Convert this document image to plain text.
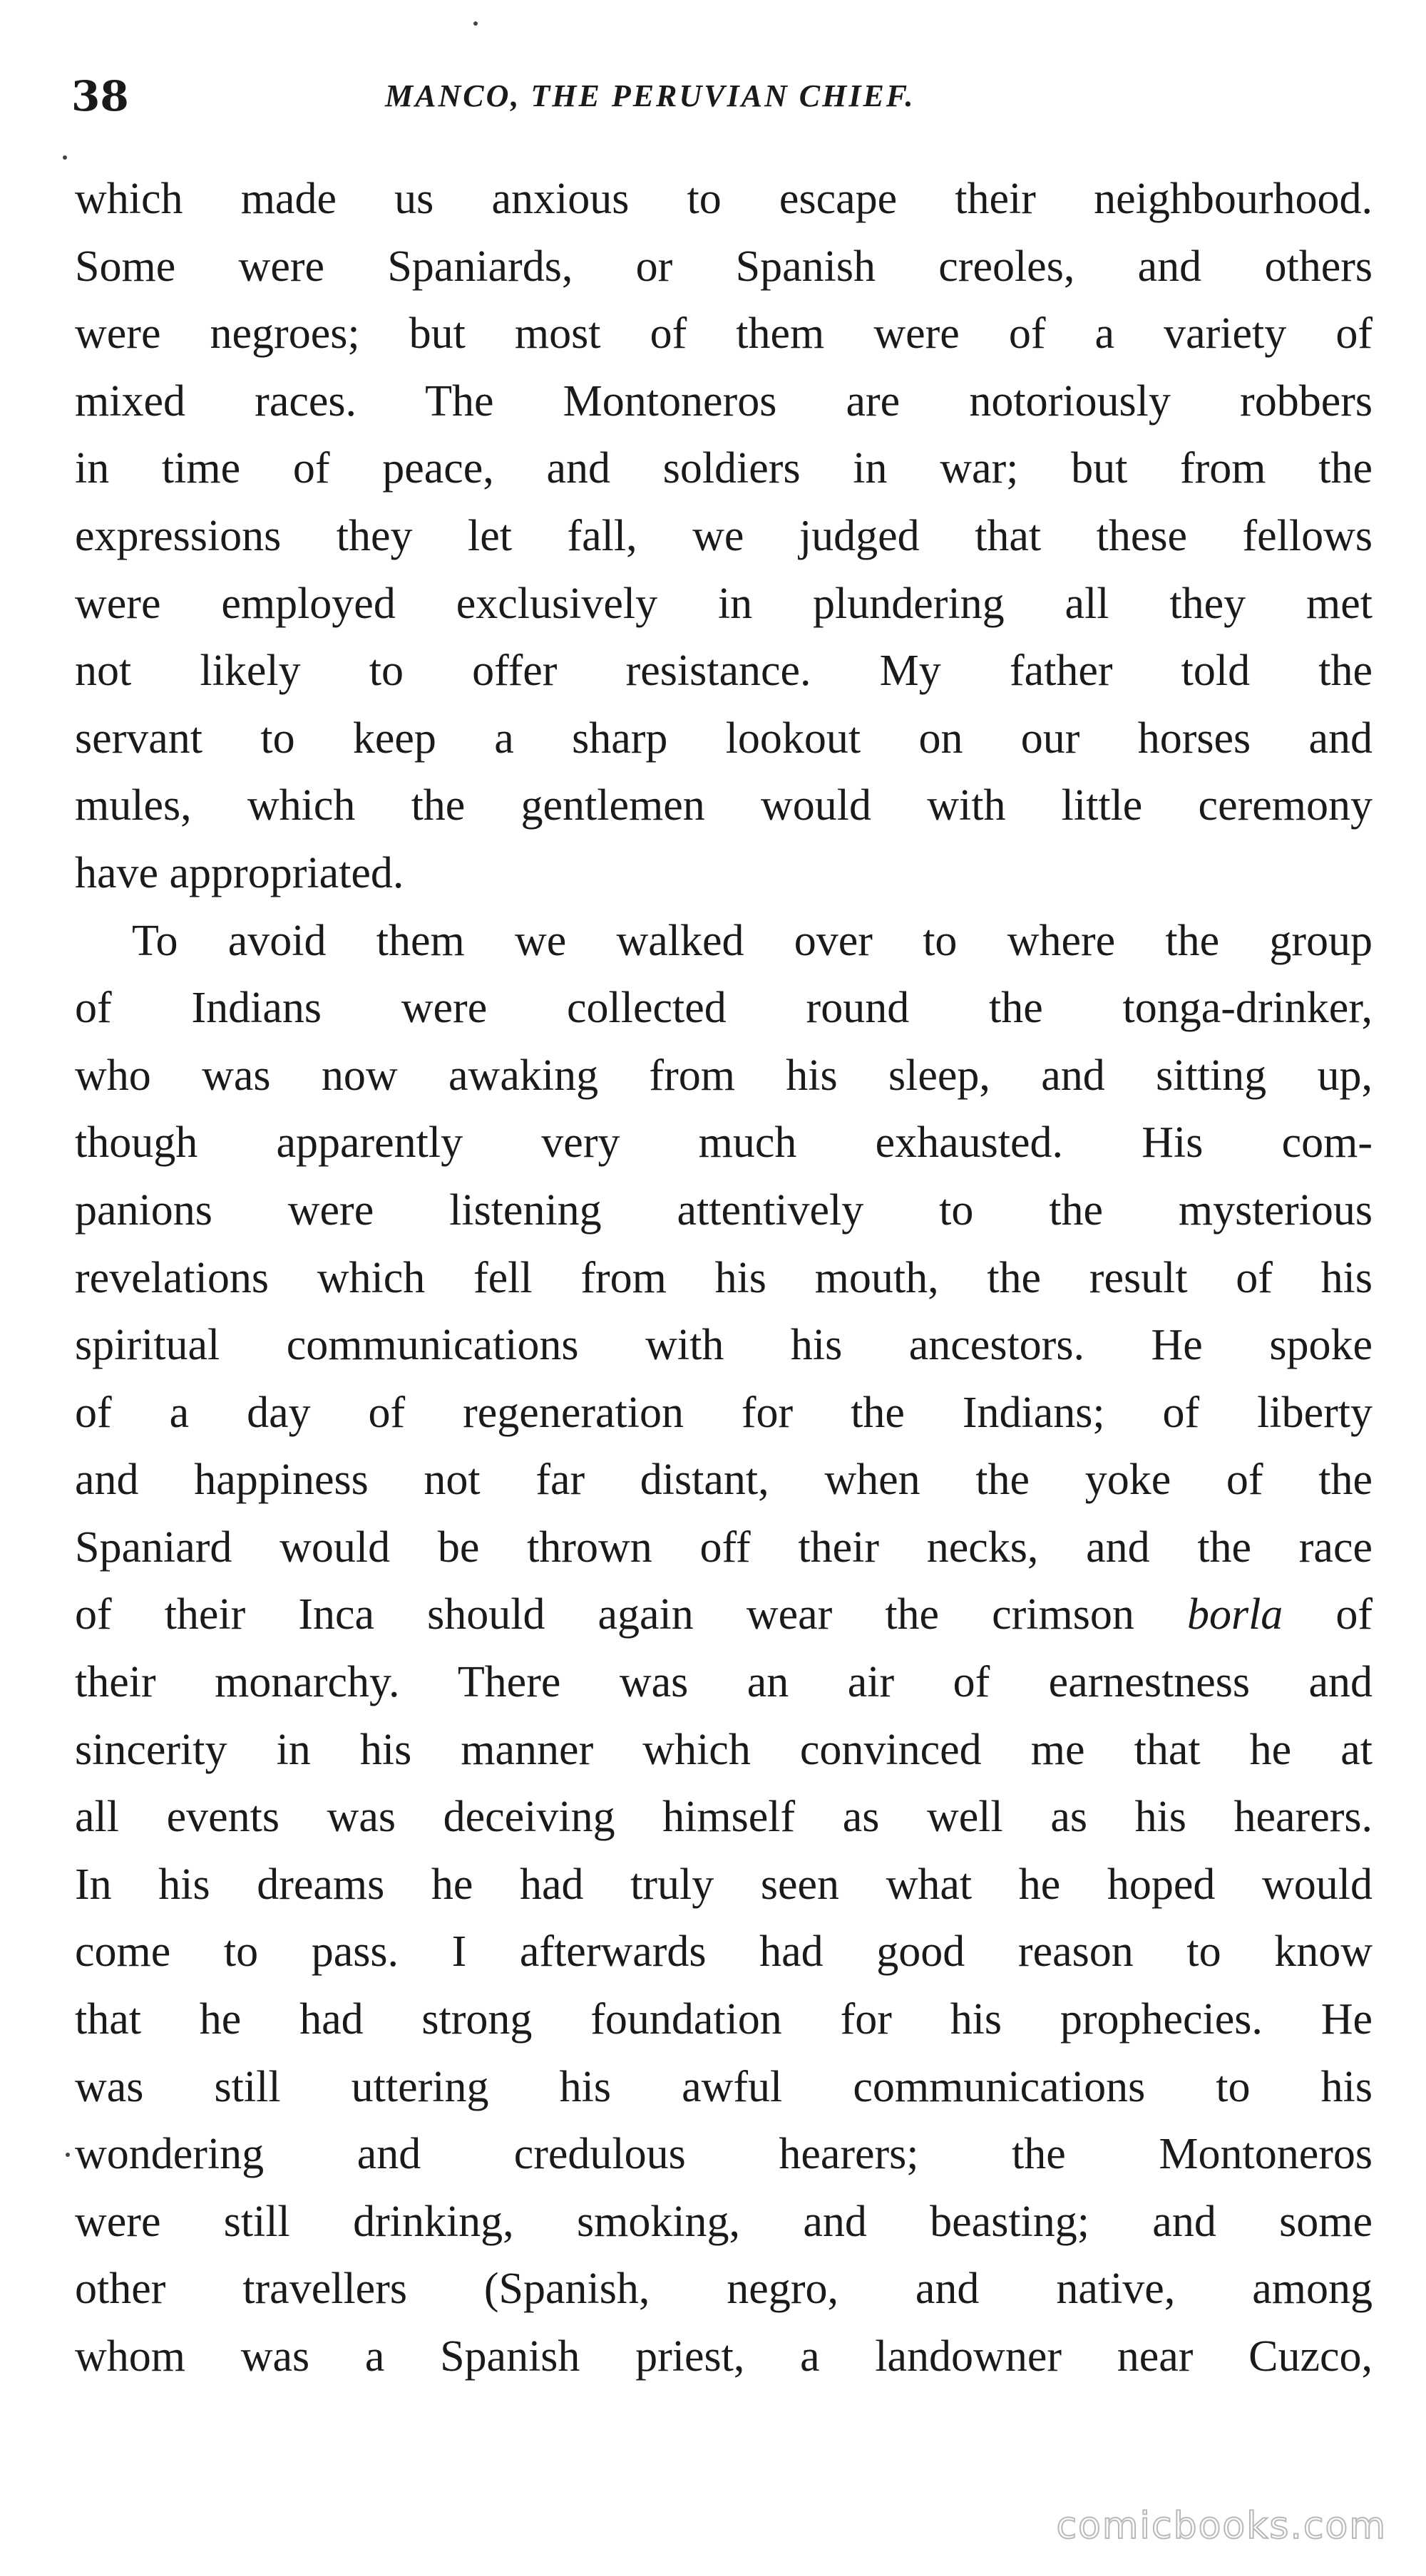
38	MANCO, THE PERUVIAN CHIEF.
which made us anxious to escape their neighbourhood.
Some were Spaniards, or Spanish creoles, and others
were negroes; but most of them were of a variety of
mixed races. The Montoneros are notoriously robbers
in time of peace, and soldiers in war; but from the
expressions they let fall, we judged that these fellows
were employed exclusively in plundering all they met
not likely to offer resistance. My father told the
servant to keep a sharp lookout on our horses and
mules, which the gentlemen would with little ceremony
have appropriated.
To avoid them we walked over to where the group
of Indians were collected round the tonga-drinker,
who was now awaking from his sleep, and sitting up,
though apparently very much exhausted. His com-
panions were listening attentively to the mysterious
revelations which fell from his mouth, the result of his
spiritual communications with his ancestors. He spoke
of a day of regeneration for the Indians; of liberty
and happiness not far distant, when the yoke of the
Spaniard would be thrown off their necks, and the race
of their Inca should again wear the crimson borla of
their monarchy. There was an air of earnestness and
sincerity in his manner which convinced me that he at
all events was deceiving himself as well as his hearers.
In his dreams he had truly seen what he hoped would
come to pass. I afterwards had good reason to know
that he had strong foundation for his prophecies. He
was still uttering his awful communications to his
wondering and credulous hearers; the Montoneros
were still drinking, smoking, and beasting; and some
other travellers (Spanish, negro, and native, among
whom was a Spanish priest, a landowner near Cuzco,
comicbooks.com
